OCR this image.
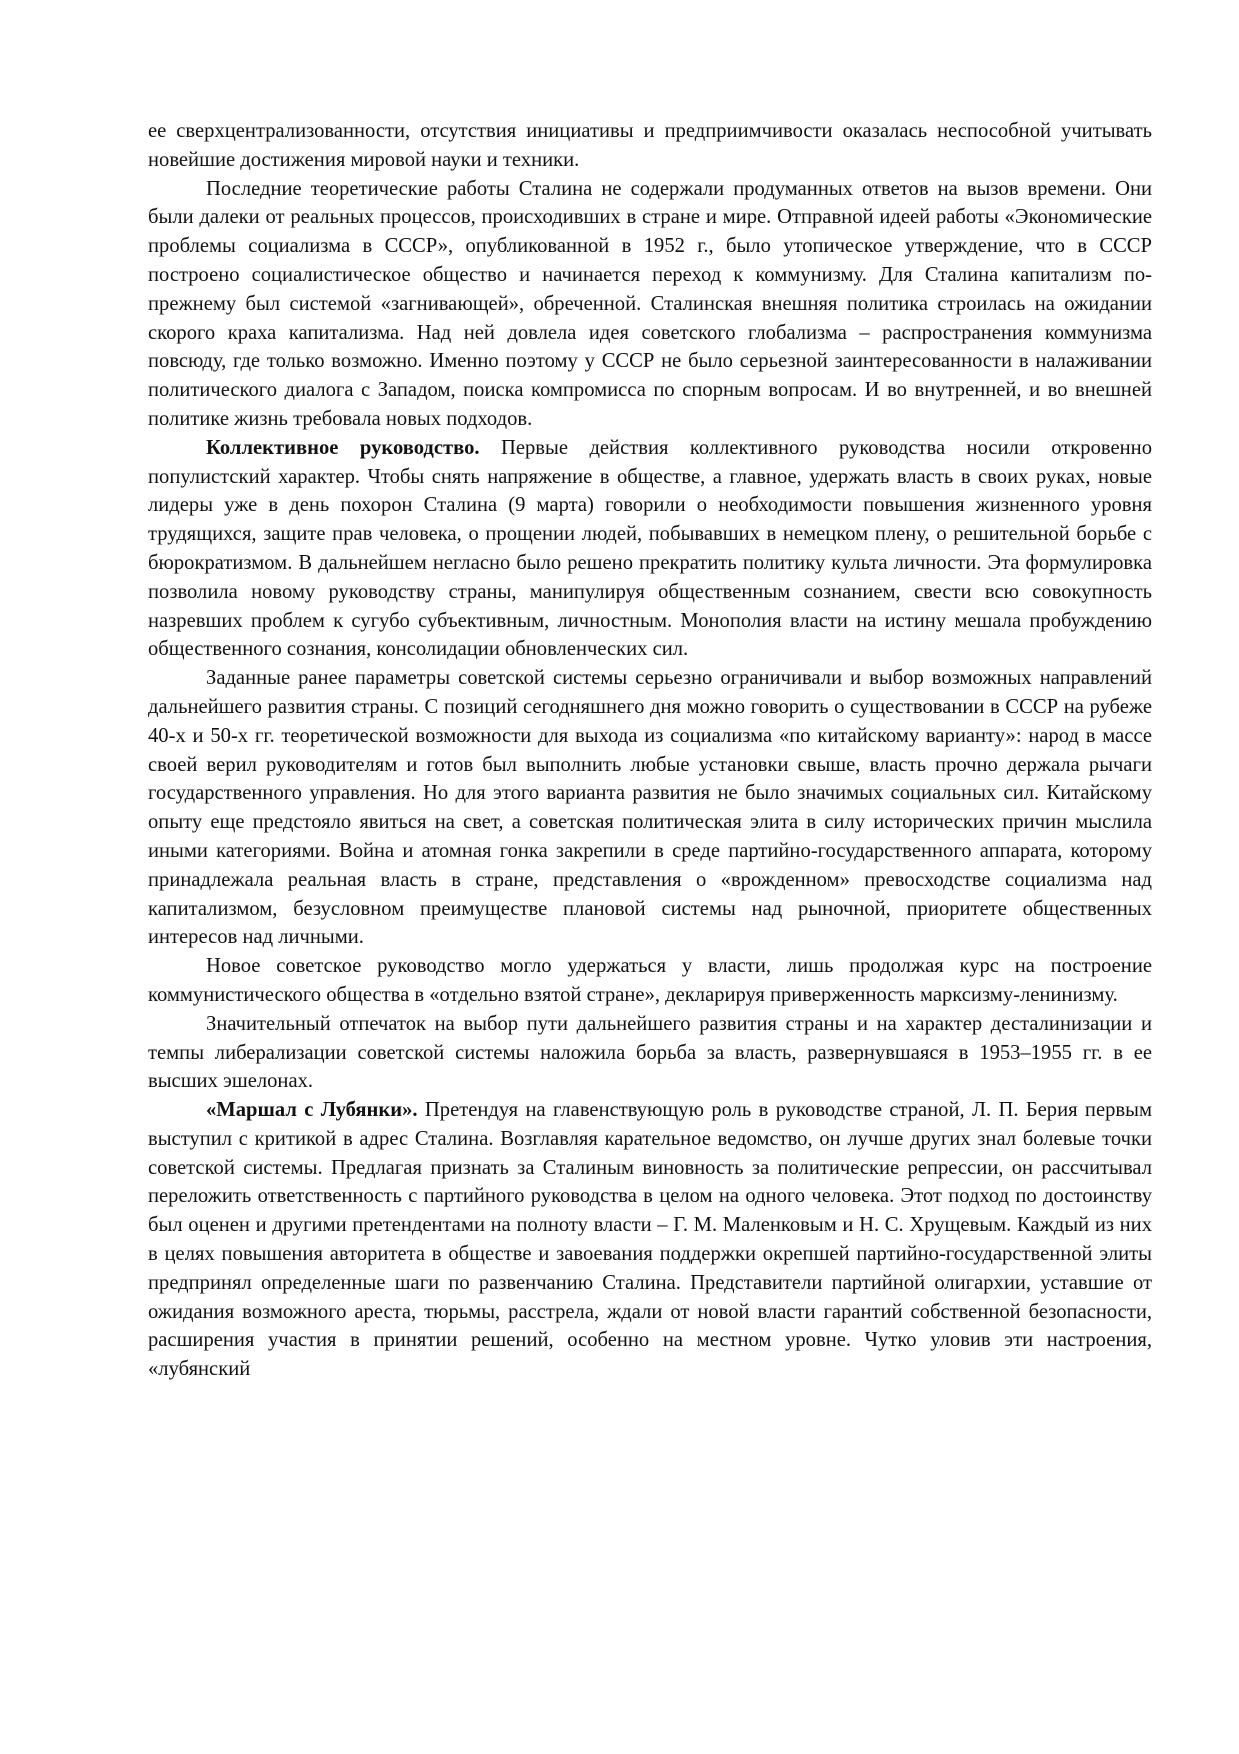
ее сверхцентрализованности, отсутствия инициативы и предприимчивости оказалась неспособной учитывать новейшие достижения мировой науки и техники.

Последние теоретические работы Сталина не содержали продуманных ответов на вызов времени. Они были далеки от реальных процессов, происходивших в стране и мире. Отправной идеей работы «Экономические проблемы социализма в СССР», опубликованной в 1952 г., было утопическое утверждение, что в СССР построено социалистическое общество и начинается переход к коммунизму. Для Сталина капитализм по-прежнему был системой «загнивающей», обреченной. Сталинская внешняя политика строилась на ожидании скорого краха капитализма. Над ней довлела идея советского глобализма – распространения коммунизма повсюду, где только возможно. Именно поэтому у СССР не было серьезной заинтересованности в налаживании политического диалога с Западом, поиска компромисса по спорным вопросам. И во внутренней, и во внешней политике жизнь требовала новых подходов.

Коллективное руководство. Первые действия коллективного руководства носили откровенно популистский характер. Чтобы снять напряжение в обществе, а главное, удержать власть в своих руках, новые лидеры уже в день похорон Сталина (9 марта) говорили о необходимости повышения жизненного уровня трудящихся, защите прав человека, о прощении людей, побывавших в немецком плену, о решительной борьбе с бюрократизмом. В дальнейшем негласно было решено прекратить политику культа личности. Эта формулировка позволила новому руководству страны, манипулируя общественным сознанием, свести всю совокупность назревших проблем к сугубо субъективным, личностным. Монополия власти на истину мешала пробуждению общественного сознания, консолидации обновленческих сил.

Заданные ранее параметры советской системы серьезно ограничивали и выбор возможных направлений дальнейшего развития страны. С позиций сегодняшнего дня можно говорить о существовании в СССР на рубеже 40-х и 50-х гг. теоретической возможности для выхода из социализма «по китайскому варианту»: народ в массе своей верил руководителям и готов был выполнить любые установки свыше, власть прочно держала рычаги государственного управления. Но для этого варианта развития не было значимых социальных сил. Китайскому опыту еще предстояло явиться на свет, а советская политическая элита в силу исторических причин мыслила иными категориями. Война и атомная гонка закрепили в среде партийно-государственного аппарата, которому принадлежала реальная власть в стране, представления о «врожденном» превосходстве социализма над капитализмом, безусловном преимуществе плановой системы над рыночной, приоритете общественных интересов над личными.

Новое советское руководство могло удержаться у власти, лишь продолжая курс на построение коммунистического общества в «отдельно взятой стране», декларируя приверженность марксизму-ленинизму.

Значительный отпечаток на выбор пути дальнейшего развития страны и на характер десталинизации и темпы либерализации советской системы наложила борьба за власть, развернувшаяся в 1953–1955 гг. в ее высших эшелонах.

«Маршал с Лубянки». Претендуя на главенствующую роль в руководстве страной, Л. П. Берия первым выступил с критикой в адрес Сталина. Возглавляя карательное ведомство, он лучше других знал болевые точки советской системы. Предлагая признать за Сталиным виновность за политические репрессии, он рассчитывал переложить ответственность с партийного руководства в целом на одного человека. Этот подход по достоинству был оценен и другими претендентами на полноту власти – Г. М. Маленковым и Н. С. Хрущевым. Каждый из них в целях повышения авторитета в обществе и завоевания поддержки окрепшей партийно-государственной элиты предпринял определенные шаги по развенчанию Сталина. Представители партийной олигархии, уставшие от ожидания возможного ареста, тюрьмы, расстрела, ждали от новой власти гарантий собственной безопасности, расширения участия в принятии решений, особенно на местном уровне. Чутко уловив эти настроения, «лубянский
